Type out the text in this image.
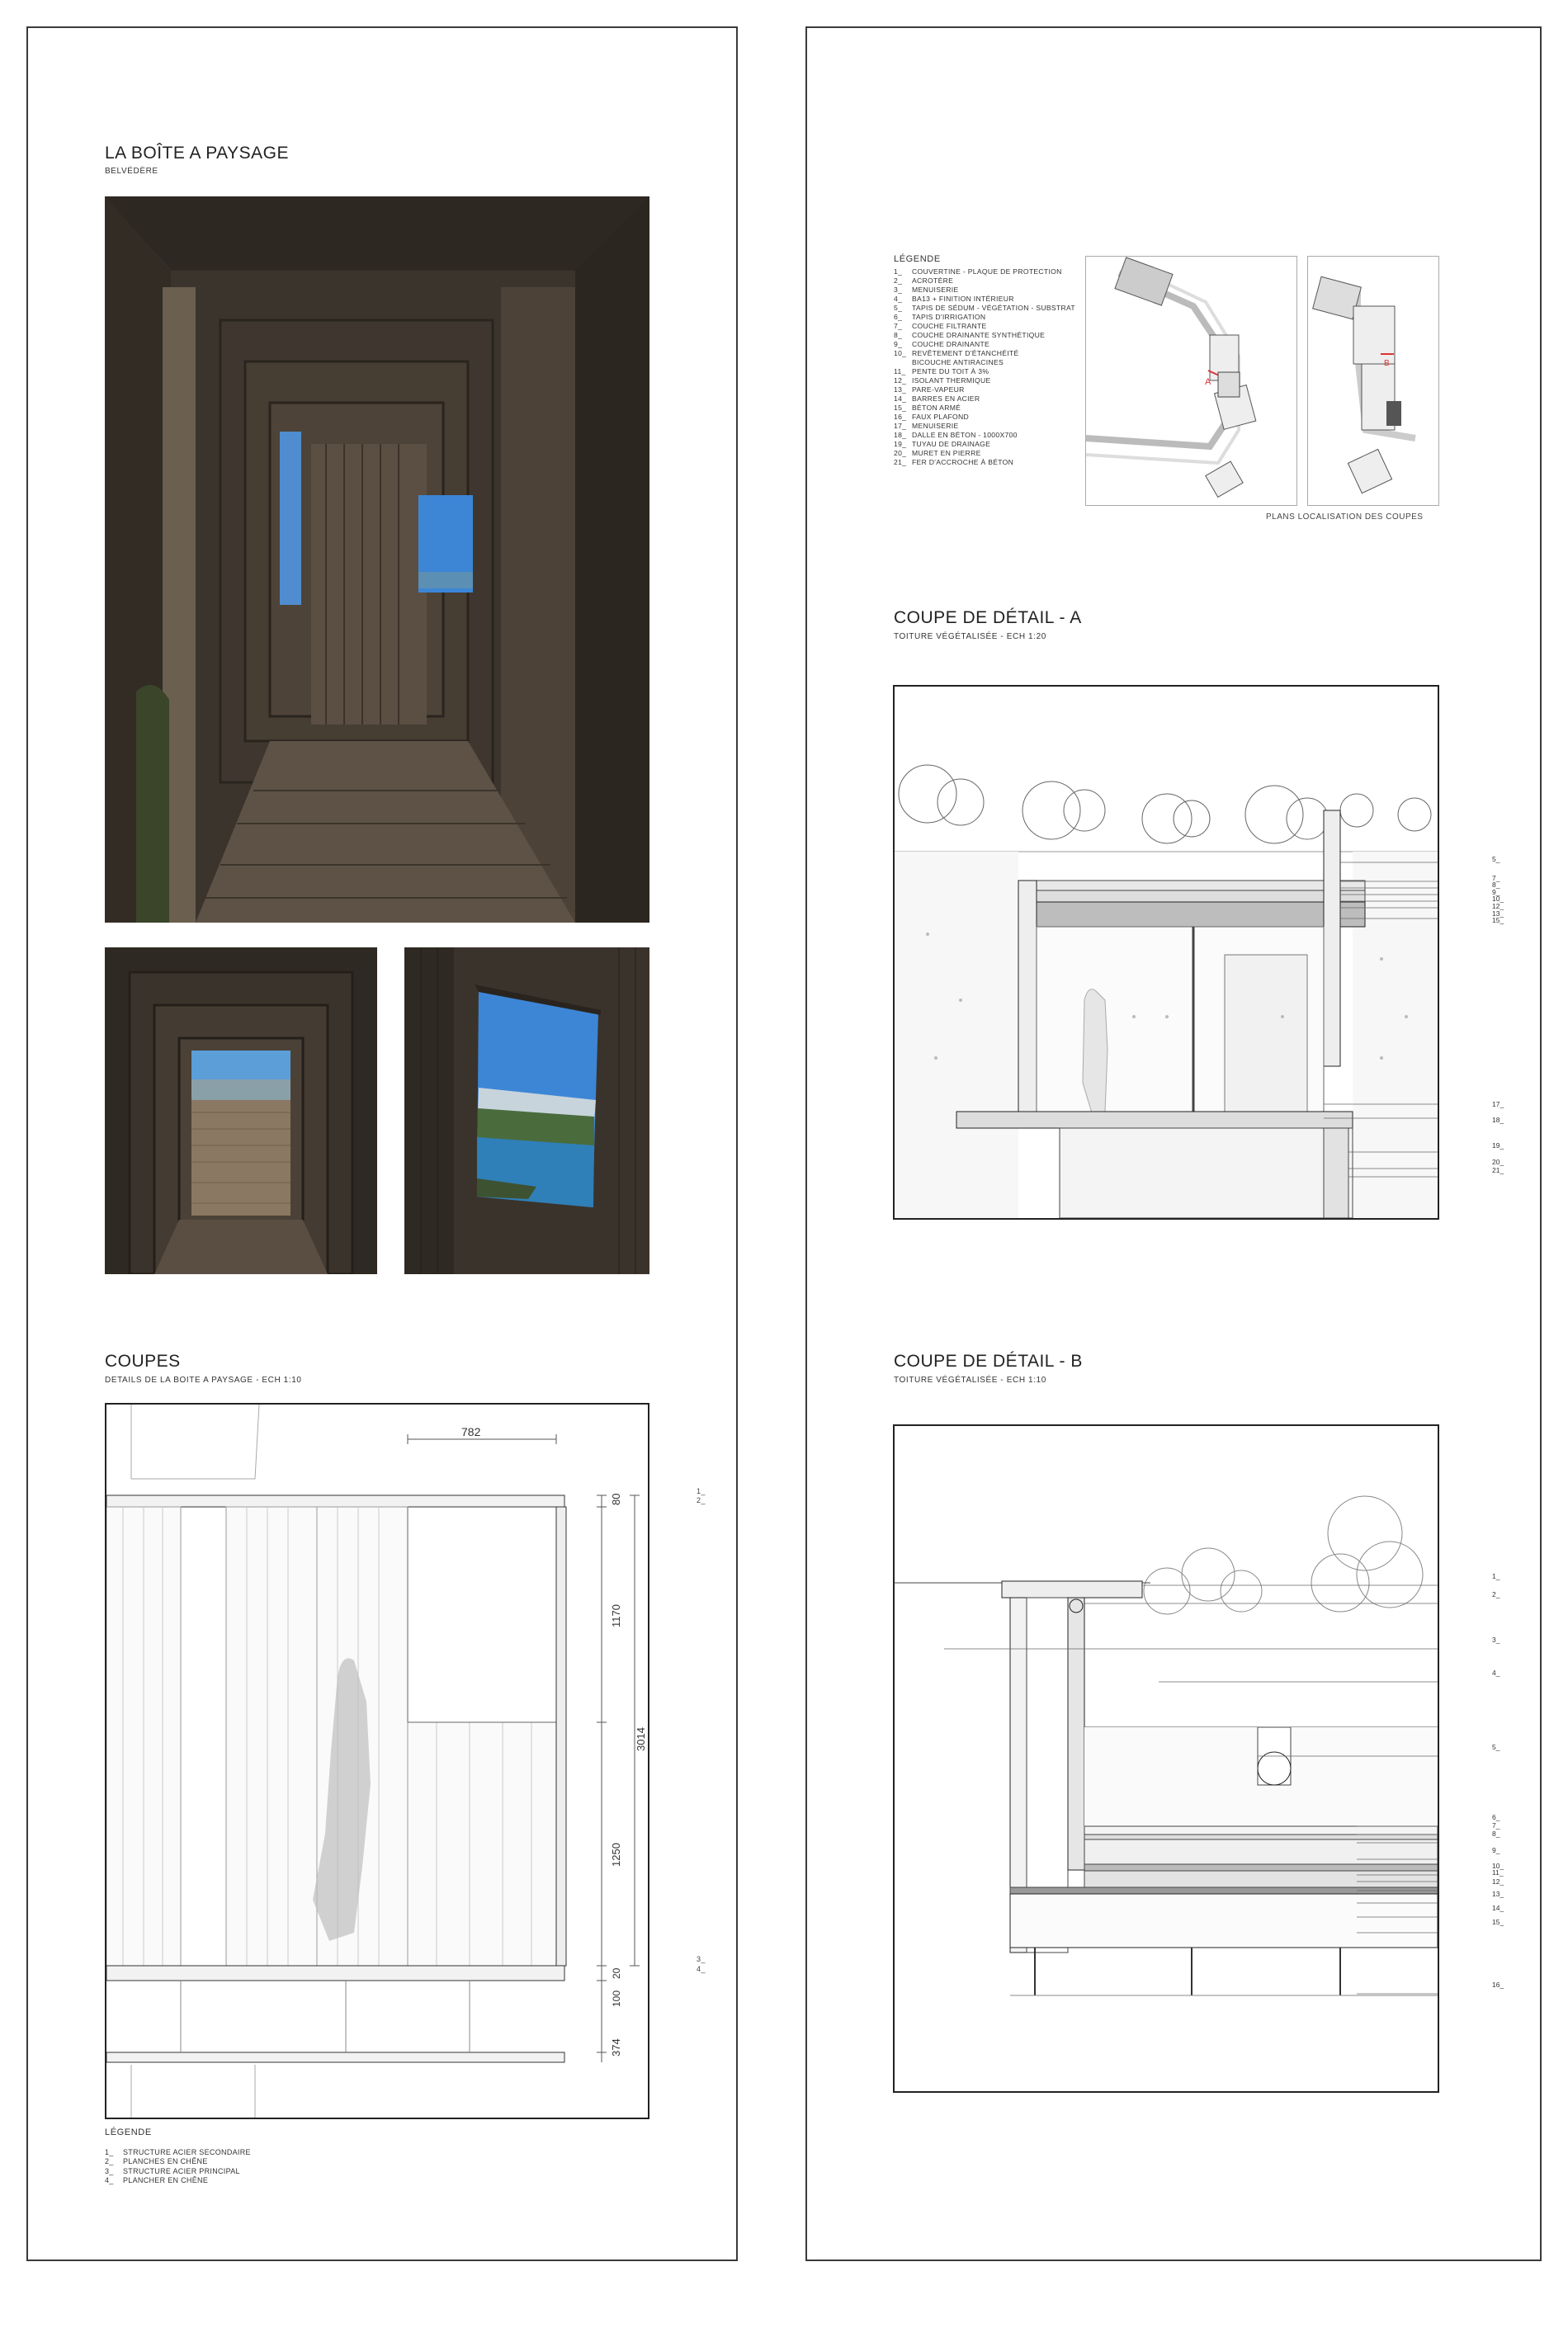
LA BOÎTE A PAYSAGE
BELVÉDÈRE
COUPES
DETAILS DE LA BOITE A PAYSAGE - ECH 1:10
782
80
1170
3014
1250
20
100
374
1_
2_
3_
4_
LÉGENDE
1_ STRUCTURE ACIER SECONDAIRE
2_ PLANCHES EN CHÊNE
3_ STRUCTURE ACIER PRINCIPAL
4_ PLANCHER EN CHÊNE
LÉGENDE
1_ COUVERTINE - PLAQUE DE PROTECTION
2_ ACROTÈRE
3_ MENUISERIE
4_ BA13 + FINITION INTÉRIEUR
5_ TAPIS DE SÉDUM - VÉGÉTATION - SUBSTRAT
6_ TAPIS D'IRRIGATION
7_ COUCHE FILTRANTE
8_ COUCHE DRAINANTE SYNTHÉTIQUE
9_ COUCHE DRAINANTE
10_ REVÊTEMENT D'ÉTANCHÉITÉ
BICOUCHE ANTIRACINES
11_ PENTE DU TOIT À 3%
12_ ISOLANT THERMIQUE
13_ PARE-VAPEUR
14_ BARRES EN ACIER
15_ BÉTON ARMÉ
16_ FAUX PLAFOND
17_ MENUISERIE
18_ DALLE EN BÉTON - 1000X700
19_ TUYAU DE DRAINAGE
20_ MURET EN PIERRE
21_ FER D'ACCROCHE À BÉTON
A
B
PLANS LOCALISATION DES COUPES
COUPE DE DÉTAIL - A
TOITURE VÉGÉTALISÉE - ECH 1:20
5_
7_
8_
9_
10_
12_
13_
15_
17_
18_
19_
20_
21_
COUPE DE DÉTAIL - B
TOITURE VÉGÉTALISÉE - ECH 1:10
1_
2_
3_
4_
5_
6_
7_
8_
9_
10_
11_
12_
13_
14_
15_
16_
